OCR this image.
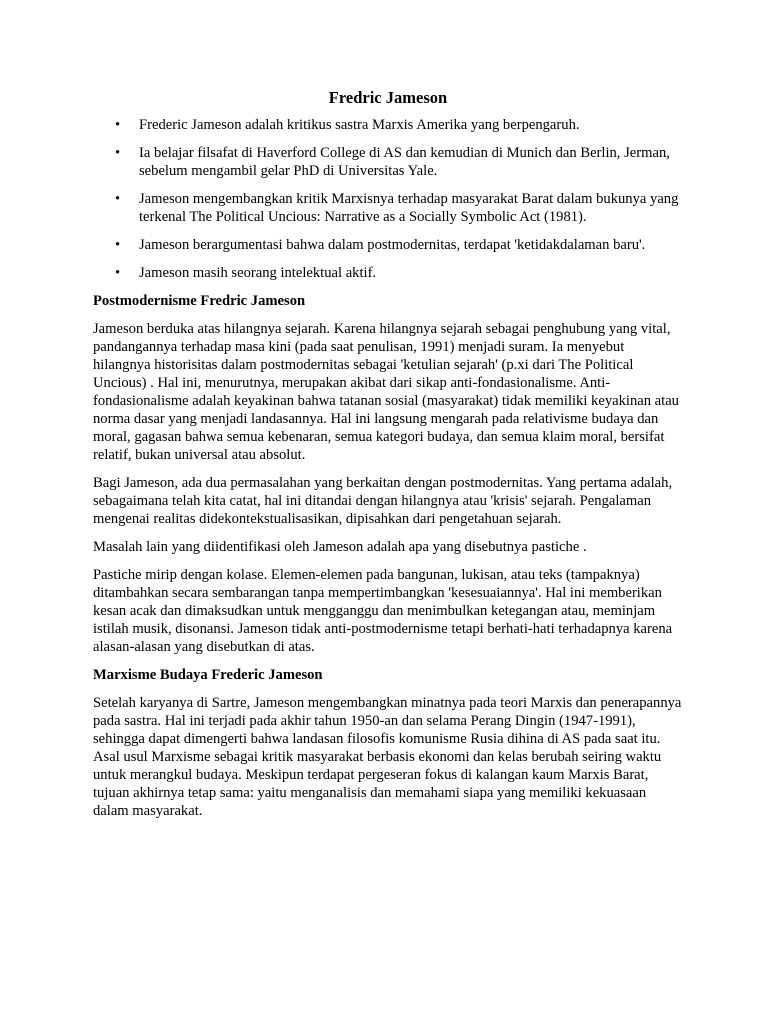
Fredric Jameson
• Frederic Jameson adalah kritikus sastra Marxis Amerika yang berpengaruh.
• Ia belajar filsafat di Haverford College di AS dan kemudian di Munich dan Berlin, Jerman, sebelum mengambil gelar PhD di Universitas Yale.
• Jameson mengembangkan kritik Marxisnya terhadap masyarakat Barat dalam bukunya yang terkenal The Political Uncious: Narrative as a Socially Symbolic Act (1981).
• Jameson berargumentasi bahwa dalam postmodernitas, terdapat 'ketidakdalaman baru'.
• Jameson masih seorang intelektual aktif.
Postmodernisme Fredric Jameson

Jameson berduka atas hilangnya sejarah. Karena hilangnya sejarah sebagai penghubung yang vital, pandangannya terhadap masa kini (pada saat penulisan, 1991) menjadi suram. Ia menyebut hilangnya historisitas dalam postmodernitas sebagai 'ketulian sejarah' (p.xi dari The Political Uncious) . Hal ini, menurutnya, merupakan akibat dari sikap anti-fondasionalisme. Anti-fondasionalisme adalah keyakinan bahwa tatanan sosial (masyarakat) tidak memiliki keyakinan atau norma dasar yang menjadi landasannya. Hal ini langsung mengarah pada relativisme budaya dan moral, gagasan bahwa semua kebenaran, semua kategori budaya, dan semua klaim moral, bersifat relatif, bukan universal atau absolut.

Bagi Jameson, ada dua permasalahan yang berkaitan dengan postmodernitas. Yang pertama adalah, sebagaimana telah kita catat, hal ini ditandai dengan hilangnya atau 'krisis' sejarah. Pengalaman mengenai realitas didekontekstualisasikan, dipisahkan dari pengetahuan sejarah.

Masalah lain yang diidentifikasi oleh Jameson adalah apa yang disebutnya pastiche .

Pastiche mirip dengan kolase. Elemen-elemen pada bangunan, lukisan, atau teks (tampaknya) ditambahkan secara sembarangan tanpa mempertimbangkan 'kesesuaiannya'. Hal ini memberikan kesan acak dan dimaksudkan untuk mengganggu dan menimbulkan ketegangan atau, meminjam istilah musik, disonansi. Jameson tidak anti-postmodernisme tetapi berhati-hati terhadapnya karena alasan-alasan yang disebutkan di atas.

Marxisme Budaya Frederic Jameson

Setelah karyanya di Sartre, Jameson mengembangkan minatnya pada teori Marxis dan penerapannya pada sastra. Hal ini terjadi pada akhir tahun 1950-an dan selama Perang Dingin (1947-1991), sehingga dapat dimengerti bahwa landasan filosofis komunisme Rusia dihina di AS pada saat itu. Asal usul Marxisme sebagai kritik masyarakat berbasis ekonomi dan kelas berubah seiring waktu untuk merangkul budaya. Meskipun terdapat pergeseran fokus di kalangan kaum Marxis Barat, tujuan akhirnya tetap sama: yaitu menganalisis dan memahami siapa yang memiliki kekuasaan dalam masyarakat.
